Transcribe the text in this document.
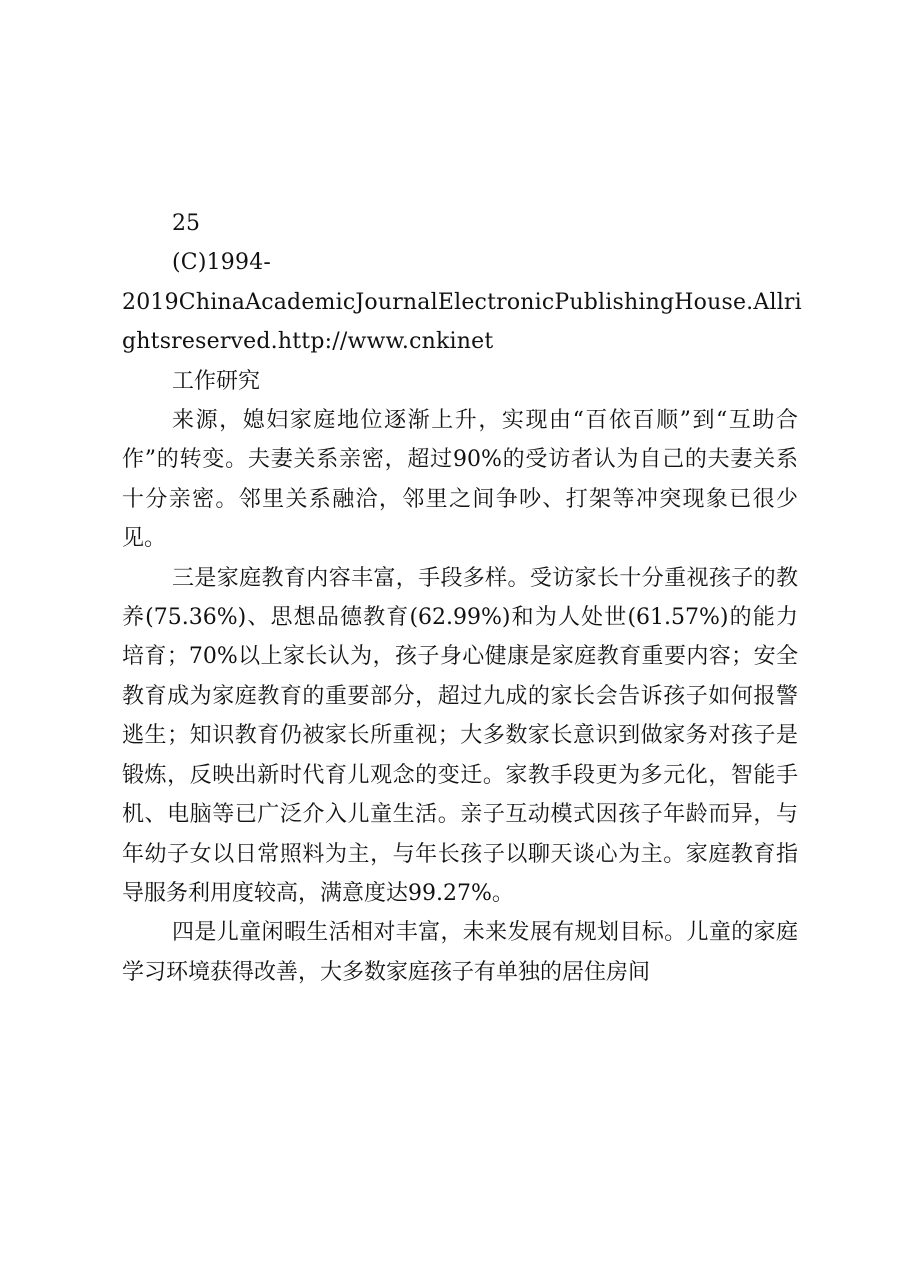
25

(C)1994-

2019ChinaAcademicJournalElectronicPublishingHouse.Allri

ghtsreserved.http://www.cnkinet

工作研究

来源，媳妇家庭地位逐渐上升，实现由“百依百顺”到“互助合作”的转变。夫妻关系亲密，超过90%的受访者认为自己的夫妻关系十分亲密。邻里关系融洽，邻里之间争吵、打架等冲突现象已很少见。

三是家庭教育内容丰富，手段多样。受访家长十分重视孩子的教养(75.36%)、思想品德教育(62.99%)和为人处世(61.57%)的能力培育；70%以上家长认为，孩子身心健康是家庭教育重要内容；安全教育成为家庭教育的重要部分，超过九成的家长会告诉孩子如何报警逃生；知识教育仍被家长所重视；大多数家长意识到做家务对孩子是锻炼，反映出新时代育儿观念的变迁。家教手段更为多元化，智能手机、电脑等已广泛介入儿童生活。亲子互动模式因孩子年龄而异，与年幼子女以日常照料为主，与年长孩子以聊天谈心为主。家庭教育指导服务利用度较高，满意度达99.27%。

四是儿童闲暇生活相对丰富，未来发展有规划目标。儿童的家庭学习环境获得改善，大多数家庭孩子有单独的居住房间
